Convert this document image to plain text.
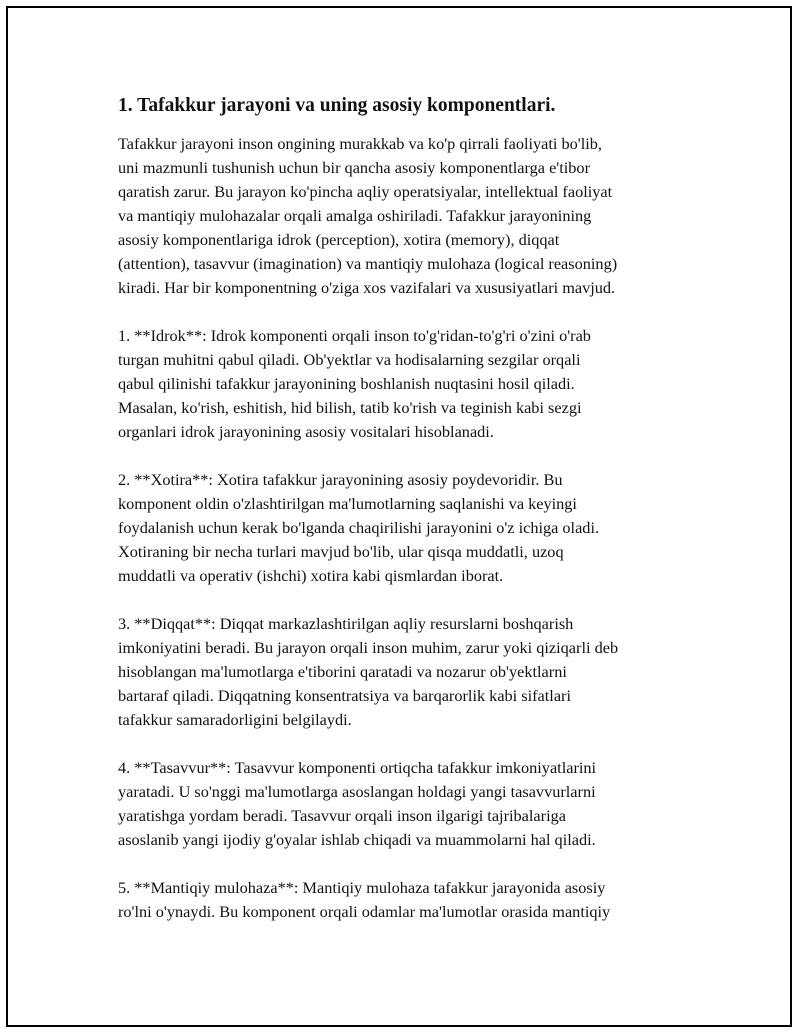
1. Tafakkur jarayoni va uning asosiy komponentlari.
Tafakkur jarayoni inson ongining murakkab va ko'p qirrali faoliyati bo'lib,
uni mazmunli tushunish uchun bir qancha asosiy komponentlarga e'tibor
qaratish zarur. Bu jarayon ko'pincha aqliy operatsiyalar, intellektual faoliyat
va mantiqiy mulohazalar orqali amalga oshiriladi. Tafakkur jarayonining
asosiy komponentlariga idrok (perception), xotira (memory), diqqat
(attention), tasavvur (imagination) va mantiqiy mulohaza (logical reasoning)
kiradi. Har bir komponentning o'ziga xos vazifalari va xususiyatlari mavjud.
1. **Idrok**: Idrok komponenti orqali inson to'g'ridan-to'g'ri o'zini o'rab
turgan muhitni qabul qiladi. Ob'yektlar va hodisalarning sezgilar orqali
qabul qilinishi tafakkur jarayonining boshlanish nuqtasini hosil qiladi.
Masalan, ko'rish, eshitish, hid bilish, tatib ko'rish va teginish kabi sezgi
organlari idrok jarayonining asosiy vositalari hisoblanadi.
2. **Xotira**: Xotira tafakkur jarayonining asosiy poydevoridir. Bu
komponent oldin o'zlashtirilgan ma'lumotlarning saqlanishi va keyingi
foydalanish uchun kerak bo'lganda chaqirilishi jarayonini o'z ichiga oladi.
Xotiraning bir necha turlari mavjud bo'lib, ular qisqa muddatli, uzoq
muddatli va operativ (ishchi) xotira kabi qismlardan iborat.
3. **Diqqat**: Diqqat markazlashtirilgan aqliy resurslarni boshqarish
imkoniyatini beradi. Bu jarayon orqali inson muhim, zarur yoki qiziqarli deb
hisoblangan ma'lumotlarga e'tiborini qaratadi va nozarur ob'yektlarni
bartaraf qiladi. Diqqatning konsentratsiya va barqarorlik kabi sifatlari
tafakkur samaradorligini belgilaydi.
4. **Tasavvur**: Tasavvur komponenti ortiqcha tafakkur imkoniyatlarini
yaratadi. U so'nggi ma'lumotlarga asoslangan holdagi yangi tasavvurlarni
yaratishga yordam beradi. Tasavvur orqali inson ilgarigi tajribalariga
asoslanib yangi ijodiy g'oyalar ishlab chiqadi va muammolarni hal qiladi.
5. **Mantiqiy mulohaza**: Mantiqiy mulohaza tafakkur jarayonida asosiy
ro'lni o'ynaydi. Bu komponent orqali odamlar ma'lumotlar orasida mantiqiy
